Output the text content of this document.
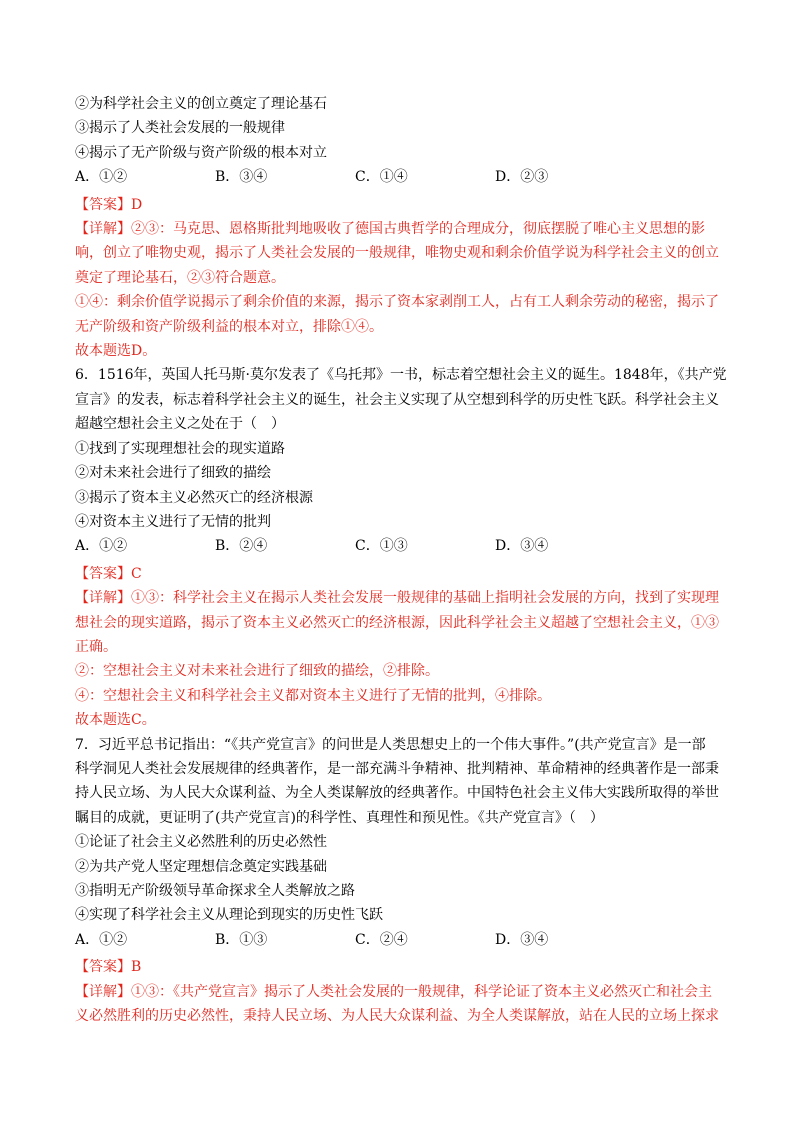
②为科学社会主义的创立奠定了理论基石

③揭示了人类社会发展的一般规律

④揭示了无产阶级与资产阶级的根本对立

A．①②	B．③④	C．①④	D．②③

【答案】D

【详解】②③：马克思、恩格斯批判地吸收了德国古典哲学的合理成分，彻底摆脱了唯心主义思想的影

响，创立了唯物史观，揭示了人类社会发展的一般规律，唯物史观和剩余价值学说为科学社会主义的创立

奠定了理论基石，②③符合题意。

①④：剩余价值学说揭示了剩余价值的来源，揭示了资本家剥削工人，占有工人剩余劳动的秘密，揭示了

无产阶级和资产阶级利益的根本对立，排除①④。

故本题选D。

6．1516年，英国人托马斯·莫尔发表了《乌托邦》一书，标志着空想社会主义的诞生。1848年，《共产党

宣言》的发表，标志着科学社会主义的诞生，社会主义实现了从空想到科学的历史性飞跃。科学社会主义

超越空想社会主义之处在于（　）

①找到了实现理想社会的现实道路

②对未来社会进行了细致的描绘

③揭示了资本主义必然灭亡的经济根源

④对资本主义进行了无情的批判

A．①②	B．②④	C．①③	D．③④

【答案】C

【详解】①③：科学社会主义在揭示人类社会发展一般规律的基础上指明社会发展的方向，找到了实现理

想社会的现实道路，揭示了资本主义必然灭亡的经济根源，因此科学社会主义超越了空想社会主义，①③

正确。

②：空想社会主义对未来社会进行了细致的描绘，②排除。

④：空想社会主义和科学社会主义都对资本主义进行了无情的批判，④排除。

故本题选C。

7．习近平总书记指出：“《共产党宣言》的问世是人类思想史上的一个伟大事件。”(共产党宣言》是一部

科学洞见人类社会发展规律的经典著作，是一部充满斗争精神、批判精神、革命精神的经典著作是一部秉

持人民立场、为人民大众谋利益、为全人类谋解放的经典著作。中国特色社会主义伟大实践所取得的举世

瞩目的成就，更证明了(共产党宣言)的科学性、真理性和预见性。《共产党宣言》（　）

①论证了社会主义必然胜利的历史必然性

②为共产党人坚定理想信念奠定实践基础

③指明无产阶级领导革命探求全人类解放之路

④实现了科学社会主义从理论到现实的历史性飞跃

A．①②	B．①③	C．②④	D．③④

【答案】B

【详解】①③：《共产党宣言》揭示了人类社会发展的一般规律，科学论证了资本主义必然灭亡和社会主

义必然胜利的历史必然性，秉持人民立场、为人民大众谋利益、为全人类谋解放，站在人民的立场上探求
